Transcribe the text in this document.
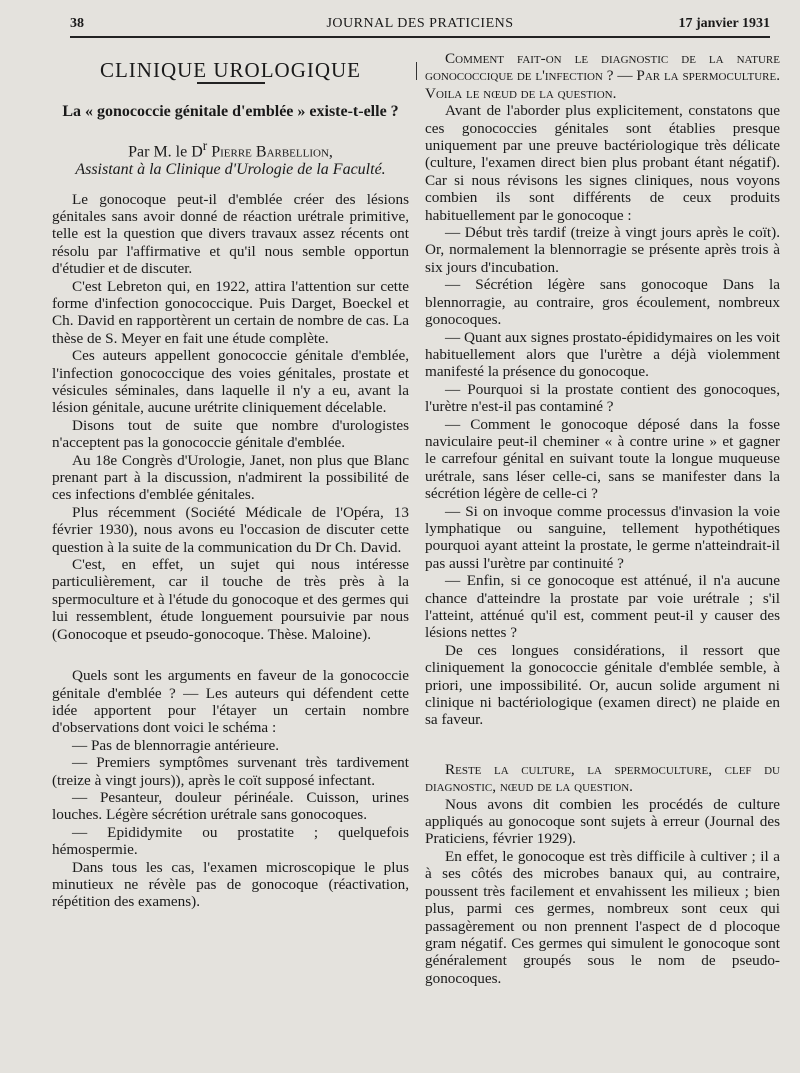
38	JOURNAL DES PRATICIENS	17 janvier 1931
CLINIQUE UROLOGIQUE
La « gonococcie génitale d'emblée » existe-t-elle ?
Par M. le $D^r$ Pierre Barbellion,
Assistant à la Clinique d'Urologie de la Faculté.

Le gonocoque peut-il d'emblée créer des lésions génitales sans avoir donné de réaction urétrale primitive, telle est la question que divers travaux assez récents ont résolu par l'affirmative et qu'il nous semble opportun d'étudier et de discuter.

C'est Lebreton qui, en 1922, attira l'attention sur cette forme d'infection gonococcique. Puis Darget, Boeckel et Ch. David en rapportèrent un certain de nombre de cas. La thèse de S. Meyer en fait une étude complète.

Ces auteurs appellent gonococcie génitale d'emblée, l'infection gonococcique des voies génitales, prostate et vésicules séminales, dans laquelle il n'y a eu, avant la lésion génitale, aucune urétrite cliniquement décelable.

Disons tout de suite que nombre d'urologistes n'acceptent pas la gonococcie génitale d'emblée.

Au 18e Congrès d'Urologie, Janet, non plus que Blanc prenant part à la discussion, n'admirent la possibilité de ces infections d'emblée génitales.

Plus récemment (Société Médicale de l'Opéra, 13 février 1930), nous avons eu l'occasion de discuter cette question à la suite de la communication du Dr Ch. David.

C'est, en effet, un sujet qui nous intéresse particulièrement, car il touche de très près à la spermoculture et à l'étude du gonocoque et des germes qui lui ressemblent, étude longuement poursuivie par nous (Gonocoque et pseudo-gonocoque. Thèse. Maloine).

Quels sont les arguments en faveur de la gonococcie génitale d'emblée ? — Les auteurs qui défendent cette idée apportent pour l'étayer un certain nombre d'observations dont voici le schéma :

— Pas de blennorragie antérieure.

— Premiers symptômes survenant très tardivement (treize à vingt jours)), après le coït supposé infectant.

— Pesanteur, douleur périnéale. Cuisson, urines louches. Légère sécrétion urétrale sans gonocoques.

— Epididymite ou prostatite ; quelquefois hémospermie.

Dans tous les cas, l'examen microscopique le plus minutieux ne révèle pas de gonocoque (réactivation, répétition des examens).

Comment fait-on le diagnostic de la nature gonococcique de l'infection ? — Par la spermoculture. Voila le nœud de la question.

Avant de l'aborder plus explicitement, constatons que ces gonococcies génitales sont établies presque uniquement par une preuve bactériologique très délicate (culture, l'examen direct bien plus probant étant négatif). Car si nous révisons les signes cliniques, nous voyons combien ils sont différents de ceux produits habituellement par le gonocoque :

— Début très tardif (treize à vingt jours après le coït). Or, normalement la blennorragie se présente après trois à six jours d'incubation.

— Sécrétion légère sans gonocoque Dans la blennorragie, au contraire, gros écoulement, nombreux gonocoques.

— Quant aux signes prostato-épididymaires on les voit habituellement alors que l'urètre a déjà violemment manifesté la présence du gonocoque.

— Pourquoi si la prostate contient des gonocoques, l'urètre n'est-il pas contaminé ?

— Comment le gonocoque déposé dans la fosse naviculaire peut-il cheminer « à contre urine » et gagner le carrefour génital en suivant toute la longue muqueuse urétrale, sans léser celle-ci, sans se manifester dans la sécrétion légère de celle-ci ?

— Si on invoque comme processus d'invasion la voie lymphatique ou sanguine, tellement hypothétiques pourquoi ayant atteint la prostate, le germe n'atteindrait-il pas aussi l'urètre par continuité ?

— Enfin, si ce gonocoque est atténué, il n'a aucune chance d'atteindre la prostate par voie urétrale ; s'il l'atteint, atténué qu'il est, comment peut-il y causer des lésions nettes ?

De ces longues considérations, il ressort que cliniquement la gonococcie génitale d'emblée semble, à priori, une impossibilité. Or, aucun solide argument ni clinique ni bactériologique (examen direct) ne plaide en sa faveur.

Reste la culture, la spermoculture, clef du diagnostic, nœud de la question.

Nous avons dit combien les procédés de culture appliqués au gonocoque sont sujets à erreur (Journal des Praticiens, février 1929).

En effet, le gonocoque est très difficile à cultiver ; il a à ses côtés des microbes banaux qui, au contraire, poussent très facilement et envahissent les milieux ; bien plus, parmi ces germes, nombreux sont ceux qui passagèrement ou non prennent l'aspect de d plocoque gram négatif. Ces germes qui simulent le gonocoque sont généralement groupés sous le nom de pseudo-gonocoques.
